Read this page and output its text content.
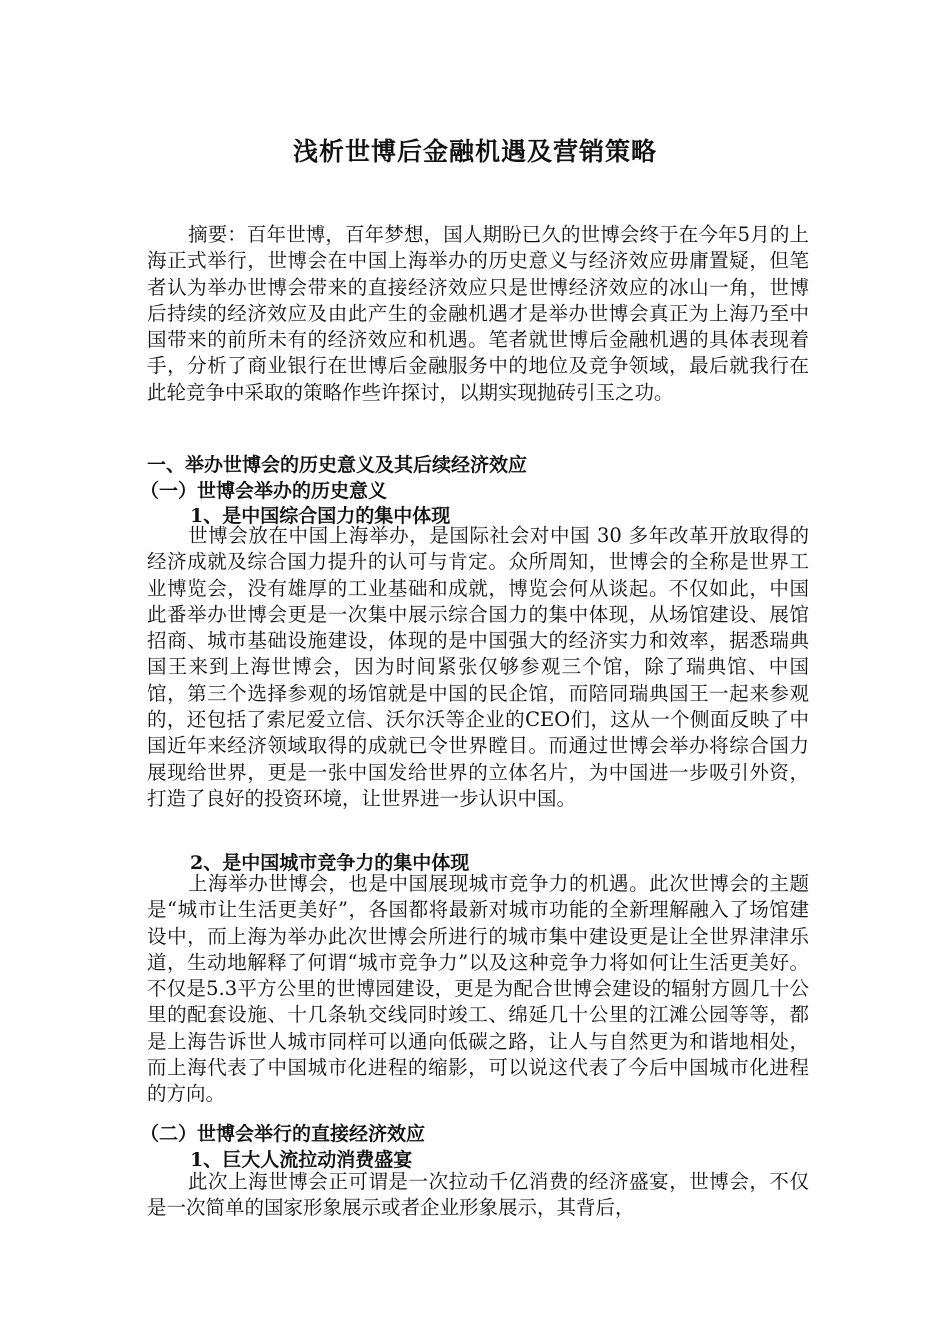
浅析世博后金融机遇及营销策略

摘要：百年世博，百年梦想，国人期盼已久的世博会终于在今年5月的上海正式举行，世博会在中国上海举办的历史意义与经济效应毋庸置疑，但笔者认为举办世博会带来的直接经济效应只是世博经济效应的冰山一角，世博后持续的经济效应及由此产生的金融机遇才是举办世博会真正为上海乃至中国带来的前所未有的经济效应和机遇。笔者就世博后金融机遇的具体表现着手，分析了商业银行在世博后金融服务中的地位及竞争领域，最后就我行在此轮竞争中采取的策略作些许探讨，以期实现抛砖引玉之功。

一、举办世博会的历史意义及其后续经济效应

（一）世博会举办的历史意义

1、是中国综合国力的集中体现

世博会放在中国上海举办，是国际社会对中国 30 多年改革开放取得的经济成就及综合国力提升的认可与肯定。众所周知，世博会的全称是世界工业博览会，没有雄厚的工业基础和成就，博览会何从谈起。不仅如此，中国此番举办世博会更是一次集中展示综合国力的集中体现，从场馆建设、展馆招商、城市基础设施建设，体现的是中国强大的经济实力和效率，据悉瑞典国王来到上海世博会，因为时间紧张仅够参观三个馆，除了瑞典馆、中国馆，第三个选择参观的场馆就是中国的民企馆，而陪同瑞典国王一起来参观的，还包括了索尼爱立信、沃尔沃等企业的CEO们，这从一个侧面反映了中国近年来经济领域取得的成就已令世界瞠目。而通过世博会举办将综合国力展现给世界，更是一张中国发给世界的立体名片，为中国进一步吸引外资，打造了良好的投资环境，让世界进一步认识中国。

2、是中国城市竞争力的集中体现

上海举办世博会，也是中国展现城市竞争力的机遇。此次世博会的主题是“城市让生活更美好”，各国都将最新对城市功能的全新理解融入了场馆建设中，而上海为举办此次世博会所进行的城市集中建设更是让全世界津津乐道，生动地解释了何谓“城市竞争力”以及这种竞争力将如何让生活更美好。不仅是5.3平方公里的世博园建设，更是为配合世博会建设的辐射方圆几十公里的配套设施、十几条轨交线同时竣工、绵延几十公里的江滩公园等等，都是上海告诉世人城市同样可以通向低碳之路，让人与自然更为和谐地相处，而上海代表了中国城市化进程的缩影，可以说这代表了今后中国城市化进程的方向。

（二）世博会举行的直接经济效应

1、巨大人流拉动消费盛宴

此次上海世博会正可谓是一次拉动千亿消费的经济盛宴，世博会，不仅是一次简单的国家形象展示或者企业形象展示，其背后，
